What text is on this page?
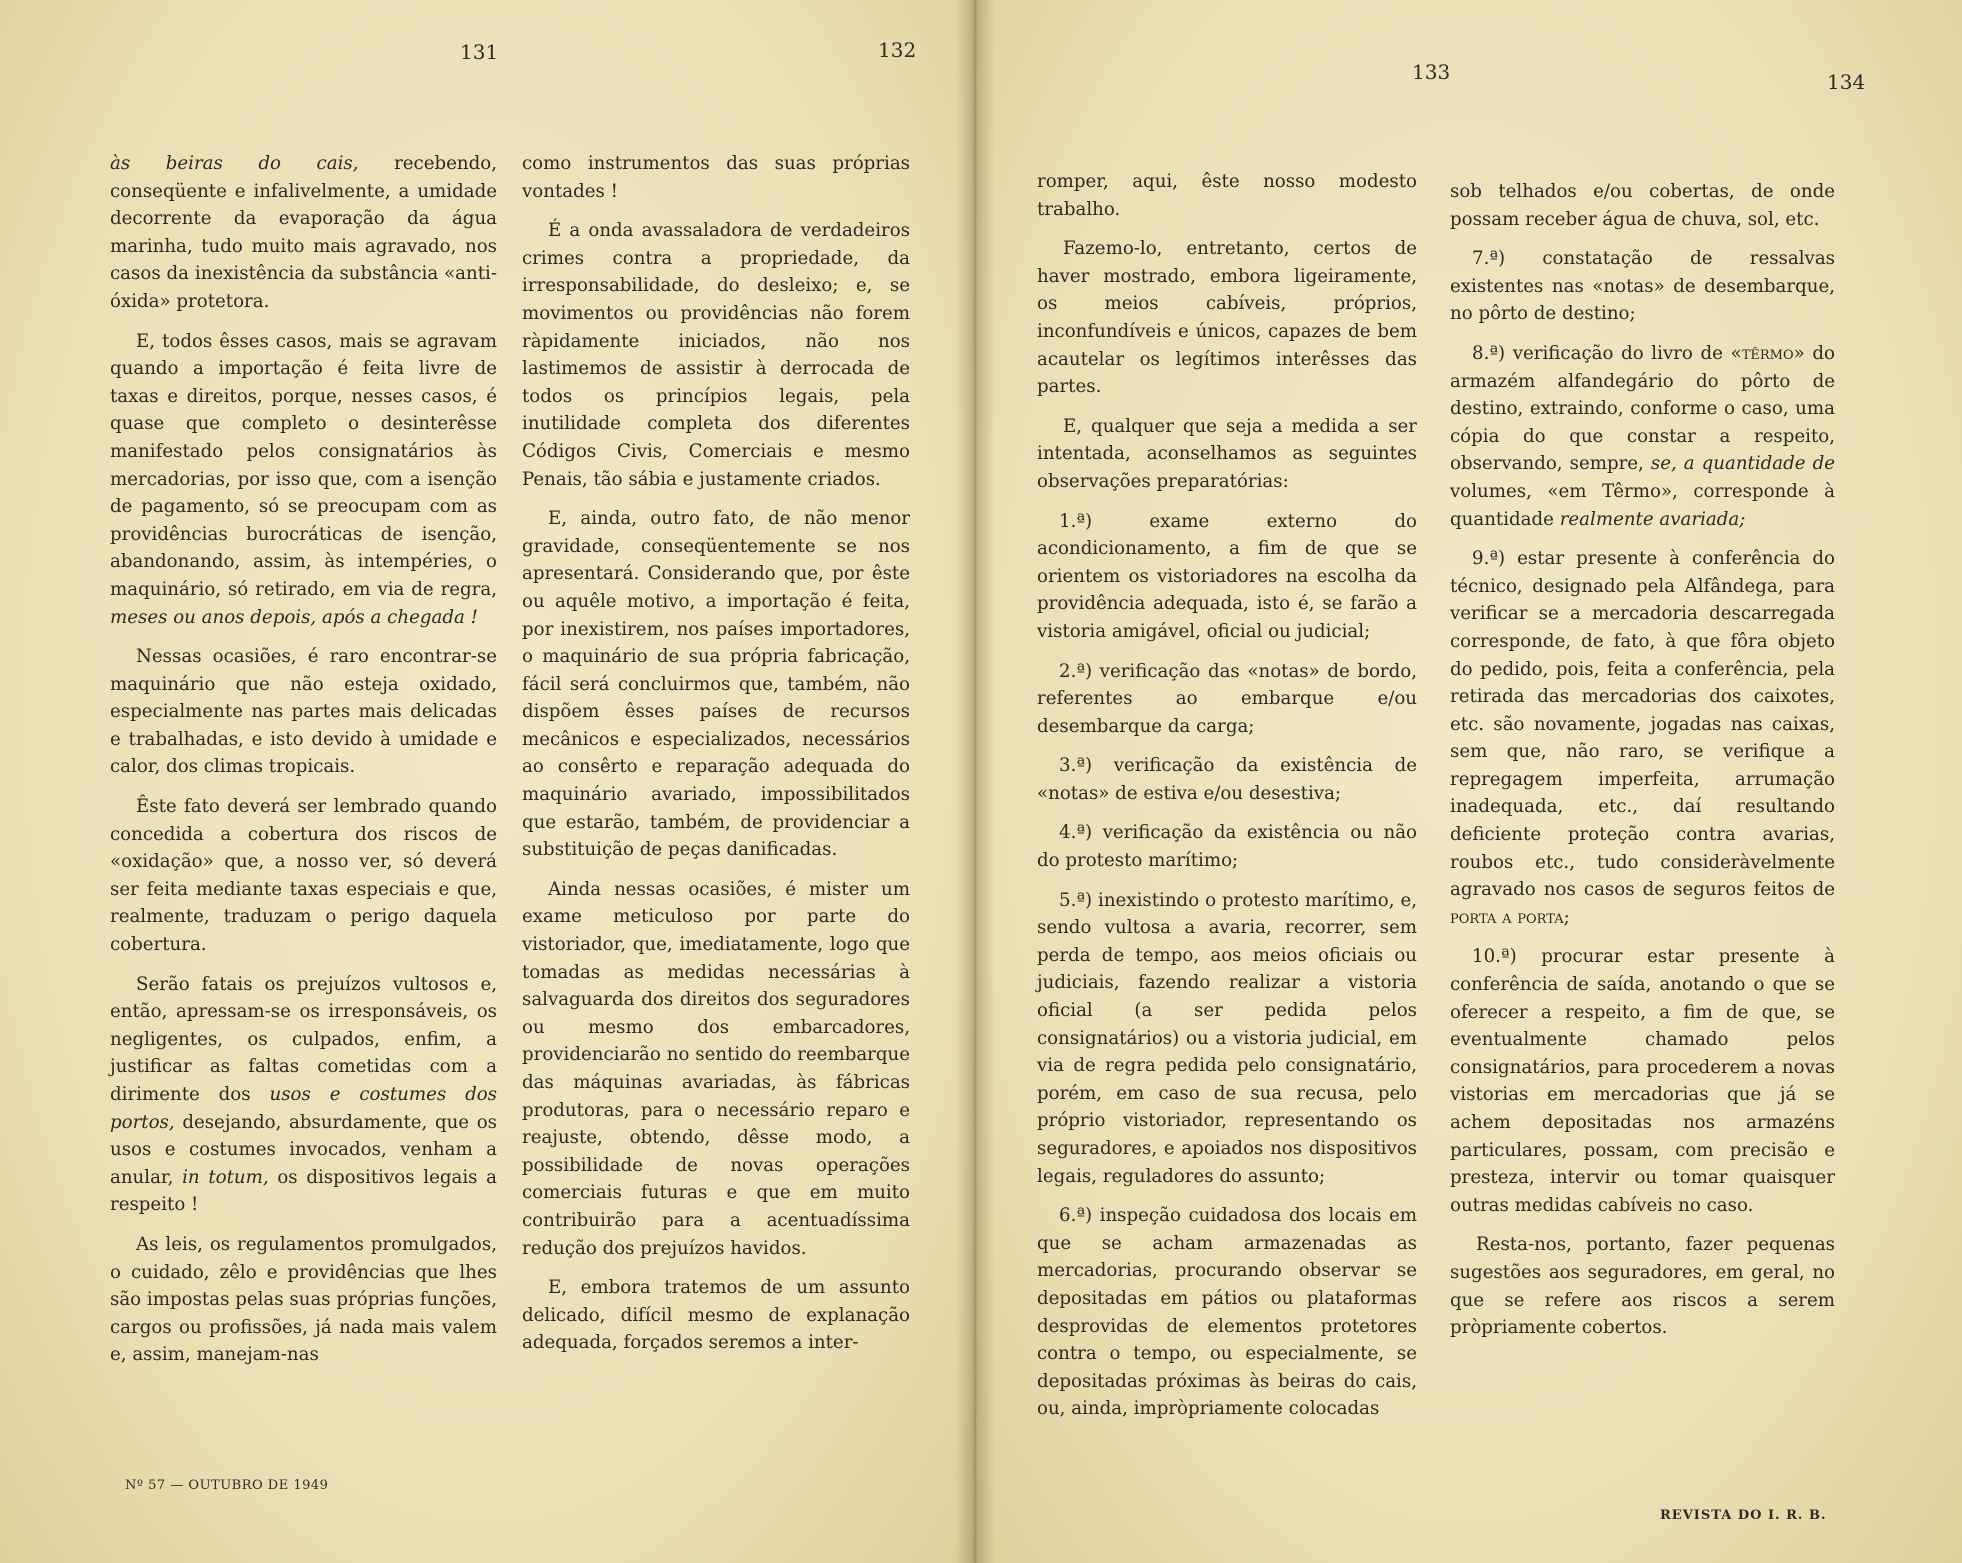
131	132

às beiras do cais, recebendo, conseqüente e infalivelmente, a umidade decorrente da evaporação da água marinha, tudo muito mais agravado, nos casos da inexistência da substância «anti-óxida» protetora.

E, todos êsses casos, mais se agravam quando a importação é feita livre de taxas e direitos, porque, nesses casos, é quase que completo o desinterêsse manifestado pelos consignatários às mercadorias, por isso que, com a isenção de pagamento, só se preocupam com as providências burocráticas de isenção, abandonando, assim, às intempéries, o maquinário, só retirado, em via de regra, meses ou anos depois, após a chegada !

Nessas ocasiões, é raro encontrar-se maquinário que não esteja oxidado, especialmente nas partes mais delicadas e trabalhadas, e isto devido à umidade e calor, dos climas tropicais.

Êste fato deverá ser lembrado quando concedida a cobertura dos riscos de «oxidação» que, a nosso ver, só deverá ser feita mediante taxas especiais e que, realmente, traduzam o perigo daquela cobertura.

Serão fatais os prejuízos vultosos e, então, apressam-se os irresponsáveis, os negligentes, os culpados, enfim, a justificar as faltas cometidas com a dirimente dos usos e costumes dos portos, desejando, absurdamente, que os usos e costumes invocados, venham a anular, in totum, os dispositivos legais a respeito !

As leis, os regulamentos promulgados, o cuidado, zêlo e providências que lhes são impostas pelas suas próprias funções, cargos ou profissões, já nada mais valem e, assim, manejam-nas

como instrumentos das suas próprias vontades !

É a onda avassaladora de verdadeiros crimes contra a propriedade, da irresponsabilidade, do desleixo; e, se movimentos ou providências não forem ràpidamente iniciados, não nos lastimemos de assistir à derrocada de todos os princípios legais, pela inutilidade completa dos diferentes Códigos Civis, Comerciais e mesmo Penais, tão sábia e justamente criados.

E, ainda, outro fato, de não menor gravidade, conseqüentemente se nos apresentará. Considerando que, por êste ou aquêle motivo, a importação é feita, por inexistirem, nos países importadores, o maquinário de sua própria fabricação, fácil será concluirmos que, também, não dispõem êsses países de recursos mecânicos e especializados, necessários ao consêrto e reparação adequada do maquinário avariado, impossibilitados que estarão, também, de providenciar a substituição de peças danificadas.

Ainda nessas ocasiões, é mister um exame meticuloso por parte do vistoriador, que, imediatamente, logo que tomadas as medidas necessárias à salvaguarda dos direitos dos seguradores ou mesmo dos embarcadores, providenciarão no sentido do reembarque das máquinas avariadas, às fábricas produtoras, para o necessário reparo e reajuste, obtendo, dêsse modo, a possibilidade de novas operações comerciais futuras e que em muito contribuirão para a acentuadíssima redução dos prejuízos havidos.

E, embora tratemos de um assunto delicado, difícil mesmo de explanação adequada, forçados seremos a inter-

Nº 57 — OUTUBRO DE 1949
133	134

romper, aqui, êste nosso modesto trabalho.

Fazemo-lo, entretanto, certos de haver mostrado, embora ligeiramente, os meios cabíveis, próprios, inconfundíveis e únicos, capazes de bem acautelar os legítimos interêsses das partes.

E, qualquer que seja a medida a ser intentada, aconselhamos as seguintes observações preparatórias:

1.ª) exame externo do acondicionamento, a fim de que se orientem os vistoriadores na escolha da providência adequada, isto é, se farão a vistoria amigável, oficial ou judicial;

2.ª) verificação das «notas» de bordo, referentes ao embarque e/ou desembarque da carga;

3.ª) verificação da existência de «notas» de estiva e/ou desestiva;

4.ª) verificação da existência ou não do protesto marítimo;

5.ª) inexistindo o protesto marítimo, e, sendo vultosa a avaria, recorrer, sem perda de tempo, aos meios oficiais ou judiciais, fazendo realizar a vistoria oficial (a ser pedida pelos consignatários) ou a vistoria judicial, em via de regra pedida pelo consignatário, porém, em caso de sua recusa, pelo próprio vistoriador, representando os seguradores, e apoiados nos dispositivos legais, reguladores do assunto;

6.ª) inspeção cuidadosa dos locais em que se acham armazenadas as mercadorias, procurando observar se depositadas em pátios ou plataformas desprovidas de elementos protetores contra o tempo, ou especialmente, se depositadas próximas às beiras do cais, ou, ainda, impròpriamente colocadas

sob telhados e/ou cobertas, de onde possam receber água de chuva, sol, etc.

7.ª) constatação de ressalvas existentes nas «notas» de desembarque, no pôrto de destino;

8.ª) verificação do livro de «têrmo» do armazém alfandegário do pôrto de destino, extraindo, conforme o caso, uma cópia do que constar a respeito, observando, sempre, se, a quantidade de volumes, «em Têrmo», corresponde à quantidade realmente avariada;

9.ª) estar presente à conferência do técnico, designado pela Alfândega, para verificar se a mercadoria descarregada corresponde, de fato, à que fôra objeto do pedido, pois, feita a conferência, pela retirada das mercadorias dos caixotes, etc. são novamente, jogadas nas caixas, sem que, não raro, se verifique a repregagem imperfeita, arrumação inadequada, etc., daí resultando deficiente proteção contra avarias, roubos etc., tudo consideràvelmente agravado nos casos de seguros feitos de porta a porta;

10.ª) procurar estar presente à conferência de saída, anotando o que se oferecer a respeito, a fim de que, se eventualmente chamado pelos consignatários, para procederem a novas vistorias em mercadorias que já se achem depositadas nos armazéns particulares, possam, com precisão e presteza, intervir ou tomar quaisquer outras medidas cabíveis no caso.

Resta-nos, portanto, fazer pequenas sugestões aos seguradores, em geral, no que se refere aos riscos a serem pròpriamente cobertos.

REVISTA DO I. R. B.
